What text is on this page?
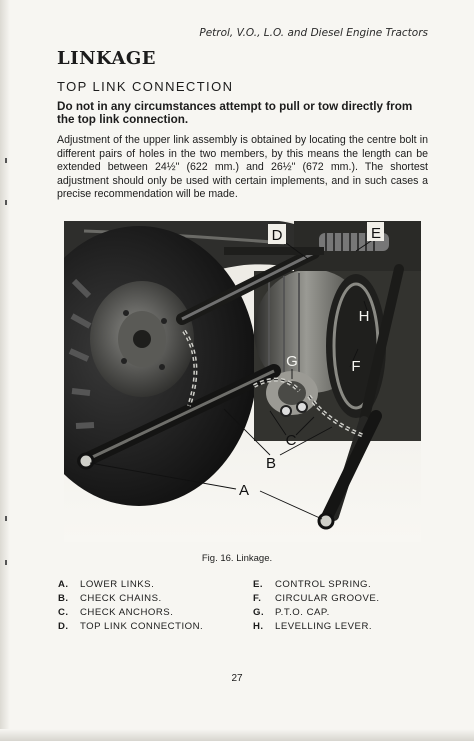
Petrol, V.O., L.O. and Diesel Engine Tractors
LINKAGE
TOP LINK CONNECTION
Do not in any circumstances attempt to pull or tow directly from the top link connection.
Adjustment of the upper link assembly is obtained by locating the centre bolt in different pairs of holes in the two members, by this means the length can be extended between 24½" (622 mm.) and 26½" (672 mm.). The shortest adjustment should only be used with certain implements, and in such cases a precise recommendation will be made.
D	E
H
F
G
C
B
A
Fig. 16. Linkage.
A. LOWER LINKS.
B. CHECK CHAINS.
C. CHECK ANCHORS.
D. TOP LINK CONNECTION.
E. CONTROL SPRING.
F. CIRCULAR GROOVE.
G. P.T.O. CAP.
H. LEVELLING LEVER.
27
